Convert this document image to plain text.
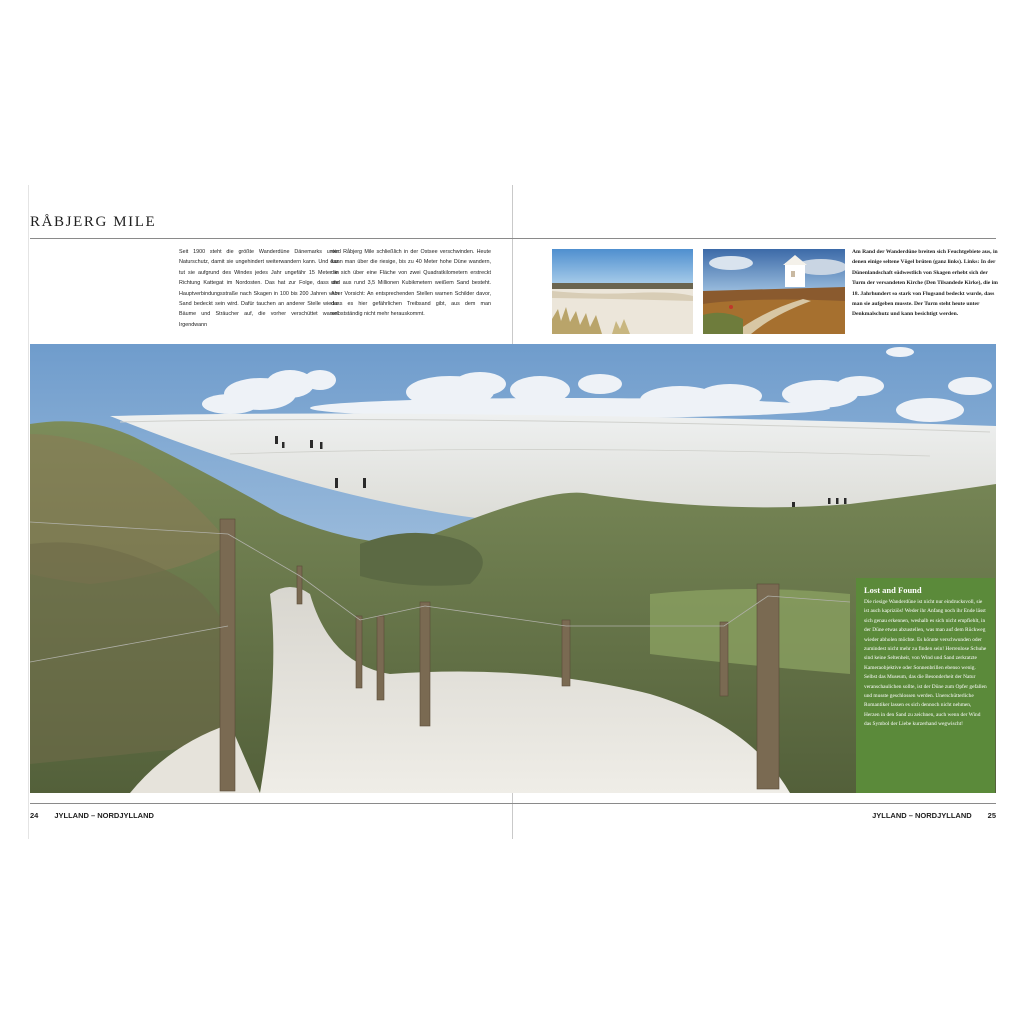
RÅBJERG MILE
Seit 1900 steht die größte Wanderdüne Dänemarks unter Naturschutz, damit sie ungehindert weiterwandern kann. Und das tut sie aufgrund des Windes jedes Jahr ungefähr 15 Meter in Richtung Kattegat im Nordosten. Das hat zur Folge, dass die Hauptverbindungsstraße nach Skagen in 100 bis 200 Jahren vom Sand bedeckt sein wird. Dafür tauchen an anderer Stelle wieder Bäume und Sträucher auf, die vorher verschüttet waren. Irgendwann
wird Råbjerg Mile schließlich in der Ostsee verschwinden. Heute kann man über die riesige, bis zu 40 Meter hohe Düne wandern, die sich über eine Fläche von zwei Quadratkilometern erstreckt und aus rund 3,5 Millionen Kubikmetern weißem Sand besteht. Aber Vorsicht: An entsprechenden Stellen warnen Schilder davor, dass es hier gefährlichen Treibsand gibt, aus dem man selbstständig nicht mehr herauskommt.
Am Rand der Wanderdüne breiten sich Feuchtgebiete aus, in denen einige seltene Vögel brüten (ganz links). Links: In der Dünenlandschaft südwestlich von Skagen erhebt sich der Turm der versandeten Kirche (Den Tilsandede Kirke), die im 18. Jahrhundert so stark von Flugsand bedeckt wurde, dass man sie aufgeben musste. Der Turm steht heute unter Denkmalschutz und kann besichtigt werden.
Lost and Found
Die riesige Wanderdüne ist nicht nur eindrucksvoll, sie ist auch kapriziös! Weder ihr Anfang noch ihr Ende lässt sich genau erkennen, weshalb es sich nicht empfiehlt, in der Düne etwas abzustellen, was man auf dem Rückweg wieder abholen möchte. Es könnte verschwunden oder zumindest nicht mehr zu finden sein! Herrenlose Schuhe sind keine Seltenheit, von Wind und Sand zerkratzte Kameraobjektive oder Sonnenbrillen ebenso wenig. Selbst das Museum, das die Besonderheit der Natur veranschaulichen sollte, ist der Düne zum Opfer gefallen und musste geschlossen werden. Unerschütterliche Romantiker lassen es sich dennoch nicht nehmen, Herzen in den Sand zu zeichnen, auch wenn der Wind das Symbol der Liebe kurzerhand wegwischt!
24 JYLLAND – NORDJYLLAND	JYLLAND – NORDJYLLAND 25
